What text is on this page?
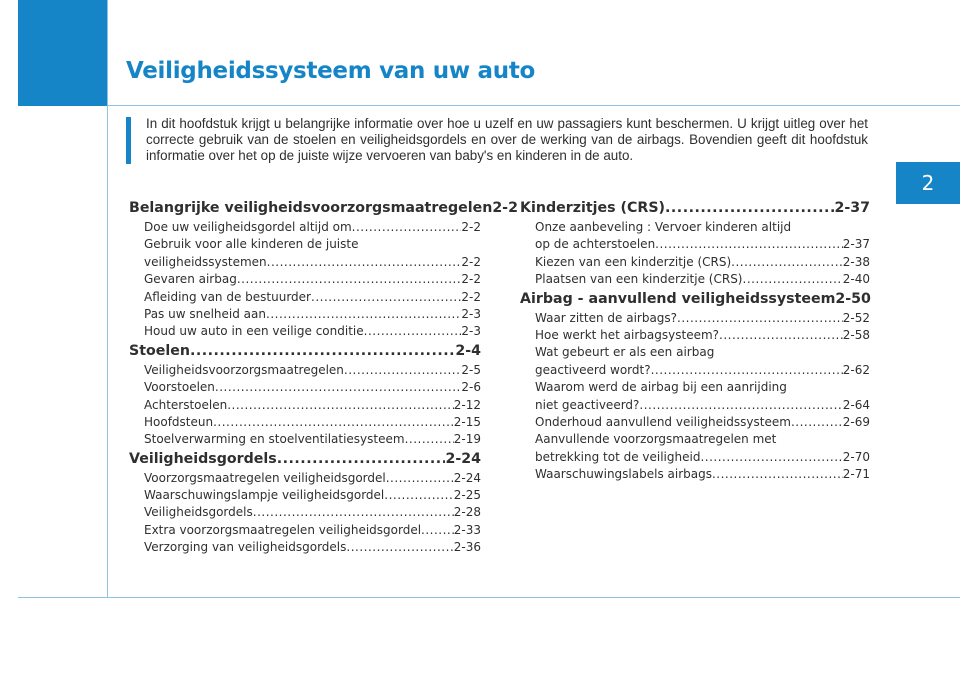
Veiligheidssysteem van uw auto
2

In dit hoofdstuk krijgt u belangrijke informatie over hoe u uzelf en uw passagiers kunt beschermen. U krijgt uitleg over het correcte gebruik van de stoelen en veiligheidsgordels en over de werking van de airbags. Bovendien geeft dit hoofdstuk informatie over het op de juiste wijze vervoeren van baby's en kinderen in de auto.

Belangrijke veiligheidsvoorzorgsmaatregelen 2-2
Doe uw veiligheidsgordel altijd om .....	2-2
Gebruik voor alle kinderen de juiste
veiligheidssystemen .....	2-2
Gevaren airbag .....	2-2
Afleiding van de bestuurder .....	2-2
Pas uw snelheid aan .....	2-3
Houd uw auto in een veilige conditie .....	2-3
Stoelen .....	2-4
Veiligheidsvoorzorgsmaatregelen .....	2-5
Voorstoelen .....	2-6
Achterstoelen .....	2-12
Hoofdsteun .....	2-15
Stoelverwarming en stoelventilatiesysteem .....	2-19
Veiligheidsgordels .....	2-24
Voorzorgsmaatregelen veiligheidsgordel .....	2-24
Waarschuwingslampje veiligheidsgordel .....	2-25
Veiligheidsgordels .....	2-28
Extra voorzorgsmaatregelen veiligheidsgordel .....	2-33
Verzorging van veiligheidsgordels .....	2-36
Kinderzitjes (CRS) .....	2-37
Onze aanbeveling : Vervoer kinderen altijd
op de achterstoelen .....	2-37
Kiezen van een kinderzitje (CRS) .....	2-38
Plaatsen van een kinderzitje (CRS) .....	2-40
Airbag - aanvullend veiligheidssysteem 2-50
Waar zitten de airbags? .....	2-52
Hoe werkt het airbagsysteem? .....	2-58
Wat gebeurt er als een airbag
geactiveerd wordt? .....	2-62
Waarom werd de airbag bij een aanrijding
niet geactiveerd? .....	2-64
Onderhoud aanvullend veiligheidssysteem .....	2-69
Aanvullende voorzorgsmaatregelen met
betrekking tot de veiligheid .....	2-70
Waarschuwingslabels airbags .....	2-71
